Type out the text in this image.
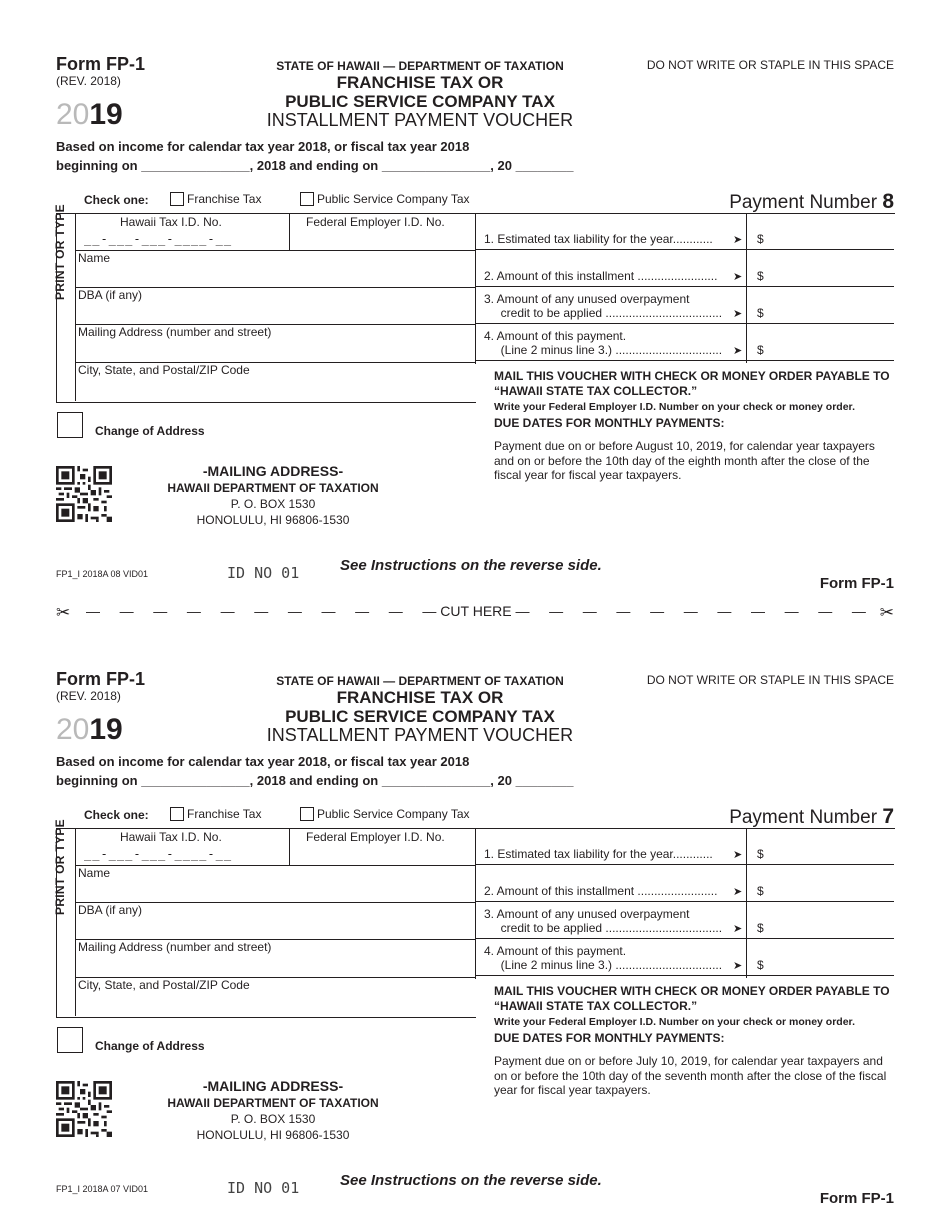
Form FP-1
(REV. 2018)
2019
STATE OF HAWAII — DEPARTMENT OF TAXATION
FRANCHISE TAX OR
PUBLIC SERVICE COMPANY TAX
INSTALLMENT PAYMENT VOUCHER
DO NOT WRITE OR STAPLE IN THIS SPACE
Based on income for calendar tax year 2018, or fiscal tax year 2018
beginning on _______________, 2018 and ending on _______________, 20 ________
Check one:	Franchise Tax	Public Service Company Tax	Payment Number 8
PRINT OR TYPE	Hawaii Tax I.D. No.
__-___-___-____-__
Federal Employer I.D. No.
Name
DBA (if any)
Mailing Address (number and street)
City, State, and Postal/ZIP Code
1. Estimated tax liability for the year............ ➤ $
2. Amount of this installment ........................ ➤ $
3. Amount of any unused overpayment
credit to be applied ................................... ➤ $
4. Amount of this payment.
(Line 2 minus line 3.) ................................ ➤ $
MAIL THIS VOUCHER WITH CHECK OR MONEY ORDER PAYABLE TO “HAWAII STATE TAX COLLECTOR.”
Write your Federal Employer I.D. Number on your check or money order.
DUE DATES FOR MONTHLY PAYMENTS:
Payment due on or before August 10, 2019, for calendar year taxpayers and on or before the 10th day of the eighth month after the close of the fiscal year for fiscal year taxpayers.
Change of Address
-MAILING ADDRESS-
HAWAII DEPARTMENT OF TAXATION
P. O. BOX 1530
HONOLULU, HI 96806-1530
FP1_I 2018A 08 VID01	ID NO 01	See Instructions on the reverse side.
Form FP-1
✂ — — — — — — — — — — — CUT HERE — — — — — — — — — — — ✂
Form FP-1
(REV. 2018)
2019
STATE OF HAWAII — DEPARTMENT OF TAXATION
FRANCHISE TAX OR
PUBLIC SERVICE COMPANY TAX
INSTALLMENT PAYMENT VOUCHER
DO NOT WRITE OR STAPLE IN THIS SPACE
Based on income for calendar tax year 2018, or fiscal tax year 2018
beginning on _______________, 2018 and ending on _______________, 20 ________
Check one:	Franchise Tax	Public Service Company Tax	Payment Number 7
PRINT OR TYPE	Hawaii Tax I.D. No.
__-___-___-____-__
Federal Employer I.D. No.
Name
DBA (if any)
Mailing Address (number and street)
City, State, and Postal/ZIP Code
1. Estimated tax liability for the year............ ➤ $
2. Amount of this installment ........................ ➤ $
3. Amount of any unused overpayment
credit to be applied ................................... ➤ $
4. Amount of this payment.
(Line 2 minus line 3.) ................................ ➤ $
MAIL THIS VOUCHER WITH CHECK OR MONEY ORDER PAYABLE TO “HAWAII STATE TAX COLLECTOR.”
Write your Federal Employer I.D. Number on your check or money order.
DUE DATES FOR MONTHLY PAYMENTS:
Payment due on or before July 10, 2019, for calendar year taxpayers and on or before the 10th day of the seventh month after the close of the fiscal year for fiscal year taxpayers.
Change of Address
-MAILING ADDRESS-
HAWAII DEPARTMENT OF TAXATION
P. O. BOX 1530
HONOLULU, HI 96806-1530
FP1_I 2018A 07 VID01	ID NO 01	See Instructions on the reverse side.
Form FP-1
